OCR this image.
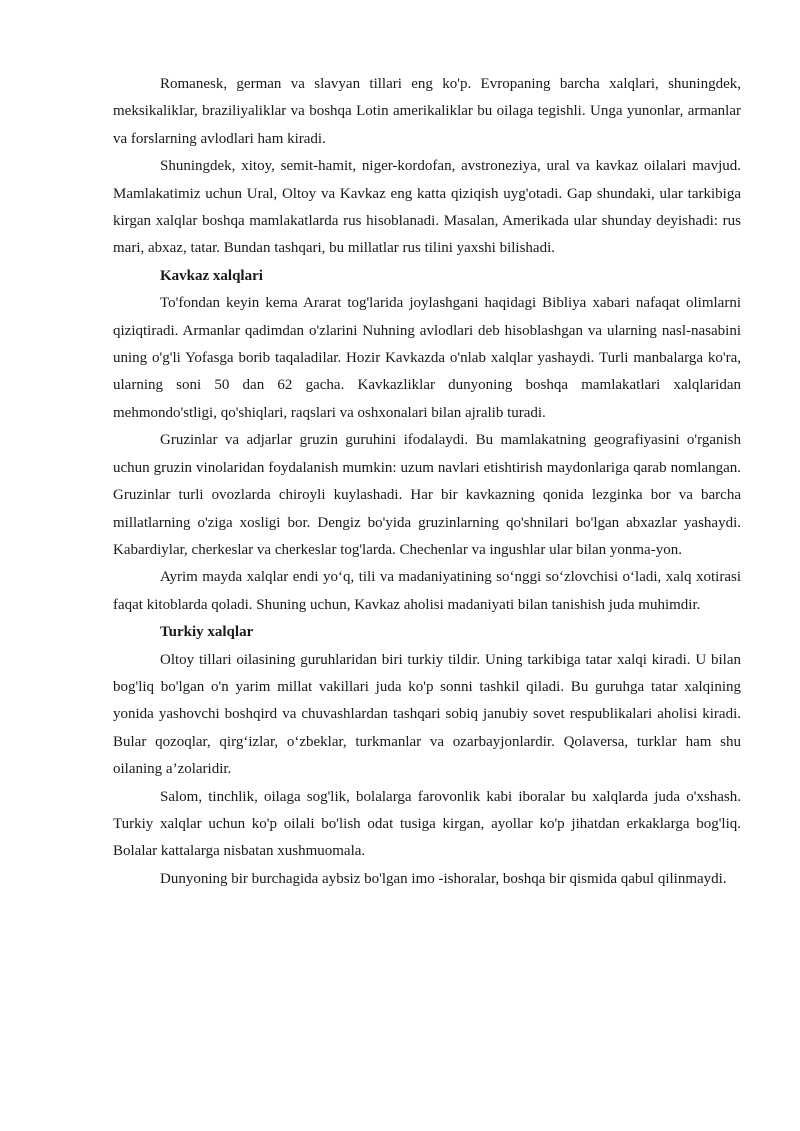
Romanesk, german va slavyan tillari eng ko'p. Evropaning barcha xalqlari, shuningdek, meksikaliklar, braziliyaliklar va boshqa Lotin amerikaliklar bu oilaga tegishli. Unga yunonlar, armanlar va forslarning avlodlari ham kiradi.

Shuningdek, xitoy, semit-hamit, niger-kordofan, avstroneziya, ural va kavkaz oilalari mavjud. Mamlakatimiz uchun Ural, Oltoy va Kavkaz eng katta qiziqish uyg'otadi. Gap shundaki, ular tarkibiga kirgan xalqlar boshqa mamlakatlarda rus hisoblanadi. Masalan, Amerikada ular shunday deyishadi: rus mari, abxaz, tatar. Bundan tashqari, bu millatlar rus tilini yaxshi bilishadi.

Kavkaz xalqlari

To'fondan keyin kema Ararat tog'larida joylashgani haqidagi Bibliya xabari nafaqat olimlarni qiziqtiradi. Armanlar qadimdan o'zlarini Nuhning avlodlari deb hisoblashgan va ularning nasl-nasabini uning o'g'li Yofasga borib taqaladilar. Hozir Kavkazda o'nlab xalqlar yashaydi. Turli manbalarga ko'ra, ularning soni 50 dan 62 gacha. Kavkazliklar dunyoning boshqa mamlakatlari xalqlaridan mehmondo'stligi, qo'shiqlari, raqslari va oshxonalari bilan ajralib turadi.

Gruzinlar va adjarlar gruzin guruhini ifodalaydi. Bu mamlakatning geografiyasini o'rganish uchun gruzin vinolaridan foydalanish mumkin: uzum navlari etishtirish maydonlariga qarab nomlangan. Gruzinlar turli ovozlarda chiroyli kuylashadi. Har bir kavkazning qonida lezginka bor va barcha millatlarning o'ziga xosligi bor. Dengiz bo'yida gruzinlarning qo'shnilari bo'lgan abxazlar yashaydi. Kabardiylar, cherkeslar va cherkeslar tog'larda. Chechenlar va ingushlar ular bilan yonma-yon.

Ayrim mayda xalqlar endi yo‘q, tili va madaniyatining so‘nggi so‘zlovchisi o‘ladi, xalq xotirasi faqat kitoblarda qoladi. Shuning uchun, Kavkaz aholisi madaniyati bilan tanishish juda muhimdir.

Turkiy xalqlar

Oltoy tillari oilasining guruhlaridan biri turkiy tildir. Uning tarkibiga tatar xalqi kiradi. U bilan bog'liq bo'lgan o'n yarim millat vakillari juda ko'p sonni tashkil qiladi. Bu guruhga tatar xalqining yonida yashovchi boshqird va chuvashlardan tashqari sobiq janubiy sovet respublikalari aholisi kiradi. Bular qozoqlar, qirg‘izlar, o‘zbeklar, turkmanlar va ozarbayjonlardir. Qolaversa, turklar ham shu oilaning a’zolaridir.

Salom, tinchlik, oilaga sog'lik, bolalarga farovonlik kabi iboralar bu xalqlarda juda o'xshash. Turkiy xalqlar uchun ko'p oilali bo'lish odat tusiga kirgan, ayollar ko'p jihatdan erkaklarga bog'liq. Bolalar kattalarga nisbatan xushmuomala.

Dunyoning bir burchagida aybsiz bo'lgan imo -ishoralar, boshqa bir qismida qabul qilinmaydi.
